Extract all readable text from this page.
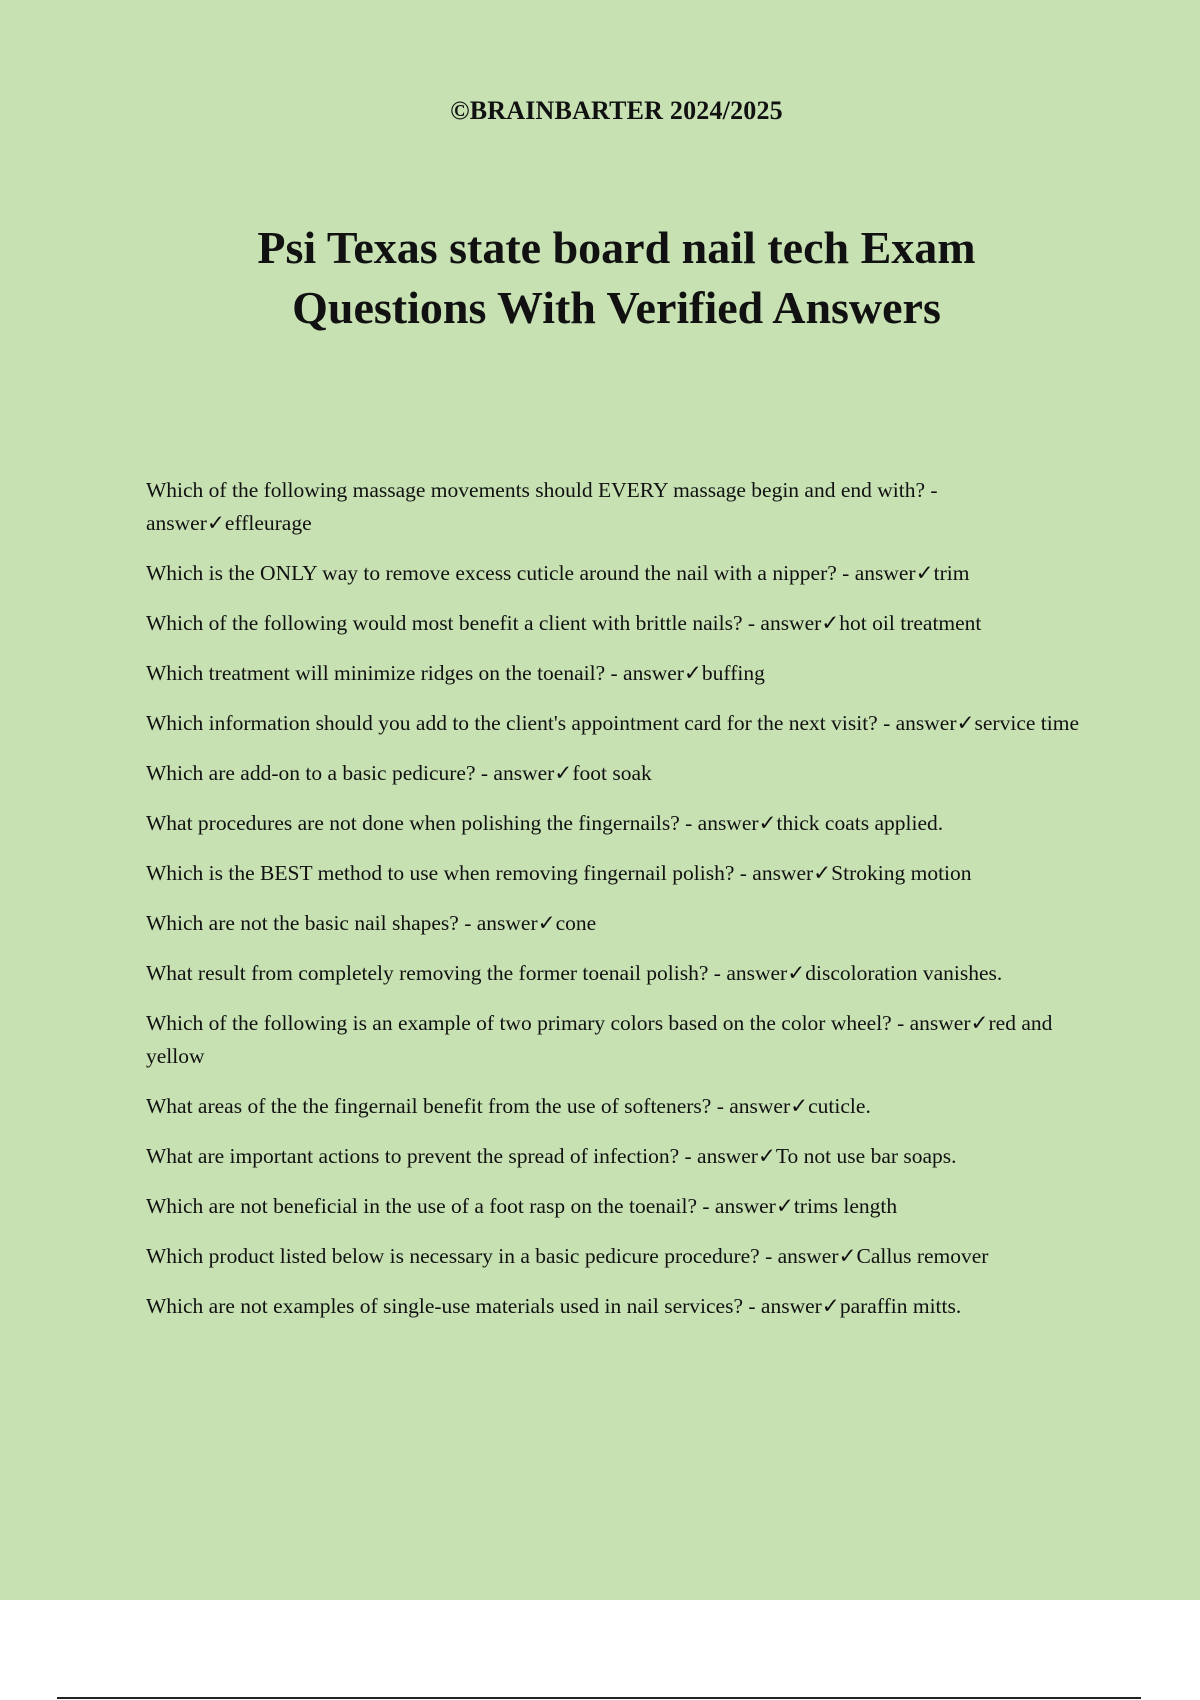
©BRAINBARTER 2024/2025
Psi Texas state board nail tech Exam Questions With Verified Answers
Which of the following massage movements should EVERY massage begin and end with? - answer✓effleurage
Which is the ONLY way to remove excess cuticle around the nail with a nipper? - answer✓trim
Which of the following would most benefit a client with brittle nails? - answer✓hot oil treatment
Which treatment will minimize ridges on the toenail? - answer✓buffing
Which information should you add to the client's appointment card for the next visit? - answer✓service time
Which are add-on to a basic pedicure? - answer✓foot soak
What procedures are not done when polishing the fingernails? - answer✓thick coats applied.
Which is the BEST method to use when removing fingernail polish? - answer✓Stroking motion
Which are not the basic nail shapes? - answer✓cone
What result from completely removing the former toenail polish? - answer✓discoloration vanishes.
Which of the following is an example of two primary colors based on the color wheel? - answer✓red and yellow
What areas of the the fingernail benefit from the use of softeners? - answer✓cuticle.
What are important actions to prevent the spread of infection? - answer✓To not use bar soaps.
Which are not beneficial in the use of a foot rasp on the toenail? - answer✓trims length
Which product listed below is necessary in a basic pedicure procedure? - answer✓Callus remover
Which are not examples of single-use materials used in nail services? - answer✓paraffin mitts.
